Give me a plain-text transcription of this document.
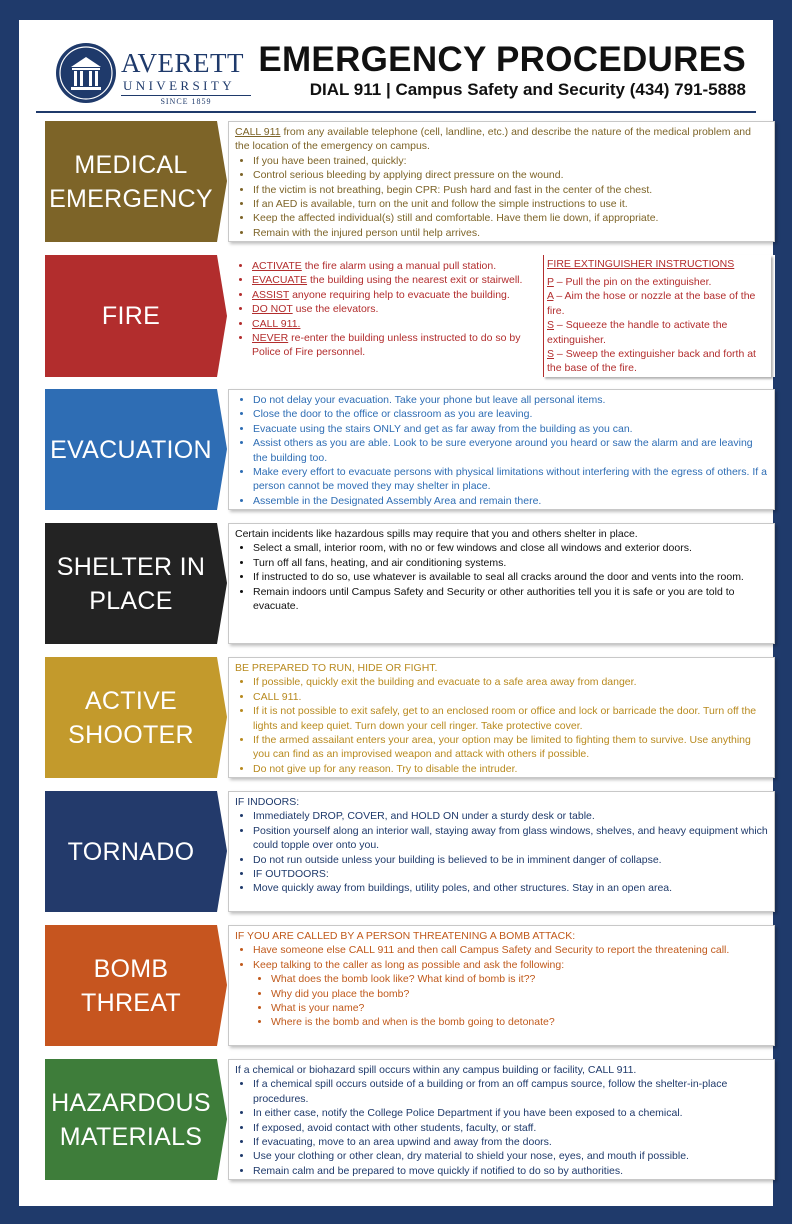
AVERETT
UNIVERSITY
SINCE 1859
EMERGENCY PROCEDURES
DIAL 911 | Campus Safety and Security (434) 791-5888
MEDICAL
EMERGENCY
CALL 911 from any available telephone (cell, landline, etc.) and describe the nature of the medical problem and the location of the emergency on campus.
• If you have been trained, quickly:
• Control serious bleeding by applying direct pressure on the wound.
• If the victim is not breathing, begin CPR: Push hard and fast in the center of the chest.
• If an AED is available, turn on the unit and follow the simple instructions to use it.
• Keep the affected individual(s) still and comfortable. Have them lie down, if appropriate.
• Remain with the injured person until help arrives.
FIRE
• ACTIVATE the fire alarm using a manual pull station.
• EVACUATE the building using the nearest exit or stairwell.
• ASSIST anyone requiring help to evacuate the building.
• DO NOT use the elevators.
• CALL 911.
• NEVER re-enter the building unless instructed to do so by Police of Fire personnel.
FIRE EXTINGUISHER INSTRUCTIONS

P – Pull the pin on the extinguisher.

A – Aim the hose or nozzle at the base of the fire.

S – Squeeze the handle to activate the extinguisher.

S – Sweep the extinguisher back and forth at the base of the fire.

EVACUATION
• Do not delay your evacuation. Take your phone but leave all personal items.
• Close the door to the office or classroom as you are leaving.
• Evacuate using the stairs ONLY and get as far away from the building as you can.
• Assist others as you are able. Look to be sure everyone around you heard or saw the alarm and are leaving the building too.
• Make every effort to evacuate persons with physical limitations without interfering with the egress of others. If a person cannot be moved they may shelter in place.
• Assemble in the Designated Assembly Area and remain there.
SHELTER IN
PLACE
Certain incidents like hazardous spills may require that you and others shelter in place.
• Select a small, interior room, with no or few windows and close all windows and exterior doors.
• Turn off all fans, heating, and air conditioning systems.
• If instructed to do so, use whatever is available to seal all cracks around the door and vents into the room.
• Remain indoors until Campus Safety and Security or other authorities tell you it is safe or you are told to evacuate.
ACTIVE
SHOOTER
BE PREPARED TO RUN, HIDE OR FIGHT.
• If possible, quickly exit the building and evacuate to a safe area away from danger.
• CALL 911.
• If it is not possible to exit safely, get to an enclosed room or office and lock or barricade the door. Turn off the lights and keep quiet. Turn down your cell ringer. Take protective cover.
• If the armed assailant enters your area, your option may be limited to fighting them to survive. Use anything you can find as an improvised weapon and attack with others if possible.
• Do not give up for any reason. Try to disable the intruder.
TORNADO
IF INDOORS:
• Immediately DROP, COVER, and HOLD ON under a sturdy desk or table.
• Position yourself along an interior wall, staying away from glass windows, shelves, and heavy equipment which could topple over onto you.
• Do not run outside unless your building is believed to be in imminent danger of collapse.
• IF OUTDOORS:
• Move quickly away from buildings, utility poles, and other structures. Stay in an open area.
BOMB
THREAT
IF YOU ARE CALLED BY A PERSON THREATENING A BOMB ATTACK:
• Have someone else CALL 911 and then call Campus Safety and Security to report the threatening call.
• Keep talking to the caller as long as possible and ask the following:
• What does the bomb look like? What kind of bomb is it??
• Why did you place the bomb?
• What is your name?
• Where is the bomb and when is the bomb going to detonate?
HAZARDOUS
MATERIALS
If a chemical or biohazard spill occurs within any campus building or facility, CALL 911.
• If a chemical spill occurs outside of a building or from an off campus source, follow the shelter-in-place procedures.
• In either case, notify the College Police Department if you have been exposed to a chemical.
• If exposed, avoid contact with other students, faculty, or staff.
• If evacuating, move to an area upwind and away from the doors.
• Use your clothing or other clean, dry material to shield your nose, eyes, and mouth if possible.
• Remain calm and be prepared to move quickly if notified to do so by authorities.
